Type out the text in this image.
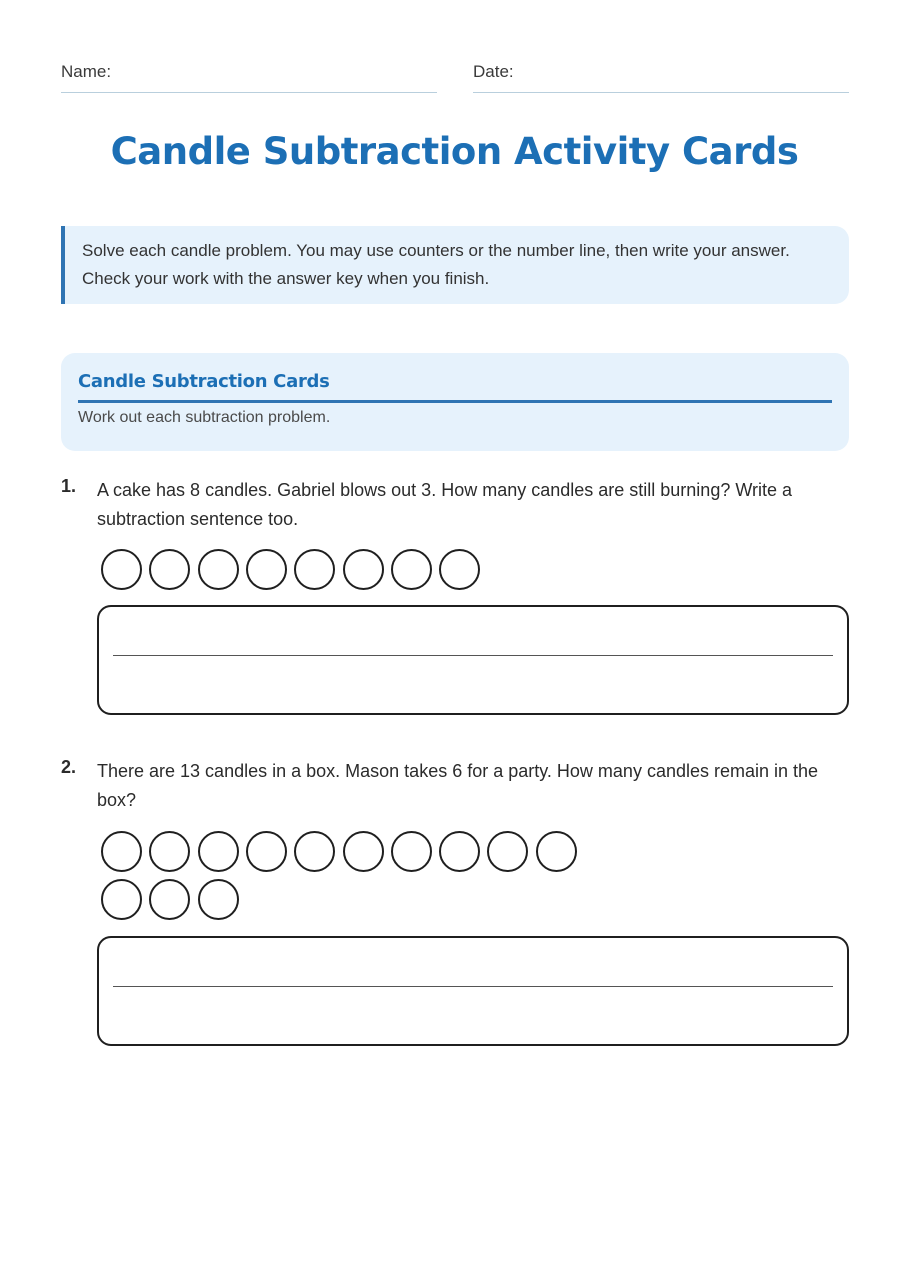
Name:	Date:
Candle Subtraction Activity Cards
Solve each candle problem. You may use counters or the number line, then write your answer. Check your work with the answer key when you finish.
Candle Subtraction Cards
Work out each subtraction problem.
1. A cake has 8 candles. Gabriel blows out 3. How many candles are still burning? Write a subtraction sentence too.
2. There are 13 candles in a box. Mason takes 6 for a party. How many candles remain in the box?
